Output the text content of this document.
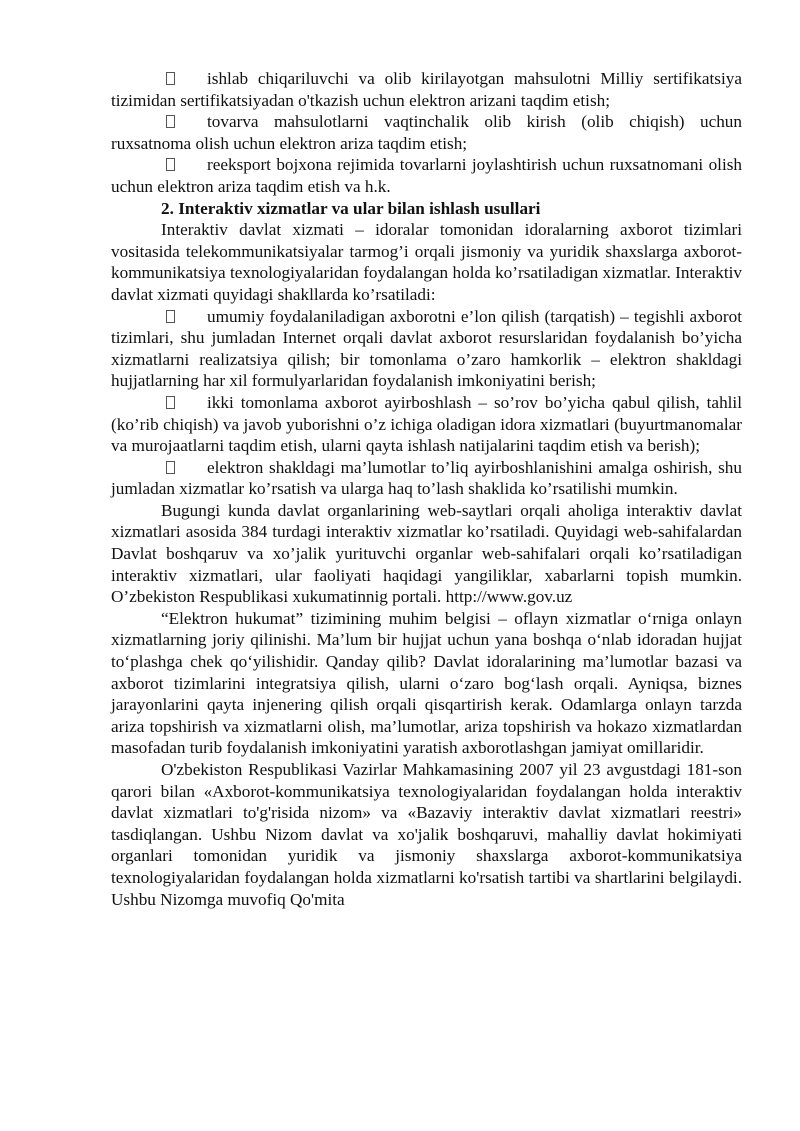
ishlab chiqariluvchi va olib kirilayotgan mahsulotni Milliy sertifikatsiya tizimidan sertifikatsiyadan o'tkazish uchun elektron arizani taqdim etish;

tovarva mahsulotlarni vaqtinchalik olib kirish (olib chiqish) uchun ruxsatnoma olish uchun elektron ariza taqdim etish;

reeksport bojxona rejimida tovarlarni joylashtirish uchun ruxsatnomani olish uchun elektron ariza taqdim etish va h.k.

2. Interaktiv xizmatlar va ular bilan ishlash usullari

Interaktiv davlat xizmati – idoralar tomonidan idoralarning axborot tizimlari vositasida telekommunikatsiyalar tarmog’i orqali jismoniy va yuridik shaxslarga axborot-kommunikatsiya texnologiyalaridan foydalangan holda ko’rsatiladigan xizmatlar. Interaktiv davlat xizmati quyidagi shakllarda ko’rsatiladi:

umumiy foydalaniladigan axborotni e’lon qilish (tarqatish) – tegishli axborot tizimlari, shu jumladan Internet orqali davlat axborot resurslaridan foydalanish bo’yicha xizmatlarni realizatsiya qilish; bir tomonlama o’zaro hamkorlik – elektron shakldagi hujjatlarning har xil formulyarlaridan foydalanish imkoniyatini berish;

ikki tomonlama axborot ayirboshlash – so’rov bo’yicha qabul qilish, tahlil (ko’rib chiqish) va javob yuborishni o’z ichiga oladigan idora xizmatlari (buyurtmanomalar va murojaatlarni taqdim etish, ularni qayta ishlash natijalarini taqdim etish va berish);

elektron shakldagi ma’lumotlar to’liq ayirboshlanishini amalga oshirish, shu jumladan xizmatlar ko’rsatish va ularga haq to’lash shaklida ko’rsatilishi mumkin.

Bugungi kunda davlat organlarining web-saytlari orqali aholiga interaktiv davlat xizmatlari asosida 384 turdagi interaktiv xizmatlar ko’rsatiladi. Quyidagi web-sahifalardan Davlat boshqaruv va xo’jalik yurituvchi organlar web-sahifalari orqali ko’rsatiladigan interaktiv xizmatlari, ular faoliyati haqidagi yangiliklar, xabarlarni topish mumkin. O’zbekiston Respublikasi xukumatinnig portali. http://www.gov.uz

“Elektron hukumat” tizimining muhim belgisi – oflayn xizmatlar o‘rniga onlayn xizmatlarning joriy qilinishi. Ma’lum bir hujjat uchun yana boshqa o‘nlab idoradan hujjat to‘plashga chek qo‘yilishidir. Qanday qilib? Davlat idoralarining ma’lumotlar bazasi va axborot tizimlarini integratsiya qilish, ularni o‘zaro bog‘lash orqali. Ayniqsa, biznes jarayonlarini qayta injenering qilish orqali qisqartirish kerak. Odamlarga onlayn tarzda ariza topshirish va xizmatlarni olish, ma’lumotlar, ariza topshirish va hokazo xizmatlardan masofadan turib foydalanish imkoniyatini yaratish axborotlashgan jamiyat omillaridir.

O'zbekiston Respublikasi Vazirlar Mahkamasining 2007 yil 23 avgustdagi 181-son qarori bilan «Axborot-kommunikatsiya texnologiyalaridan foydalangan holda interaktiv davlat xizmatlari to'g'risida nizom» va «Bazaviy interaktiv davlat xizmatlari reestri» tasdiqlangan. Ushbu Nizom davlat va xo'jalik boshqaruvi, mahalliy davlat hokimiyati organlari tomonidan yuridik va jismoniy shaxslarga axborot-kommunikatsiya texnologiyalaridan foydalangan holda xizmatlarni ko'rsatish tartibi va shartlarini belgilaydi. Ushbu Nizomga muvofiq Qo'mita
